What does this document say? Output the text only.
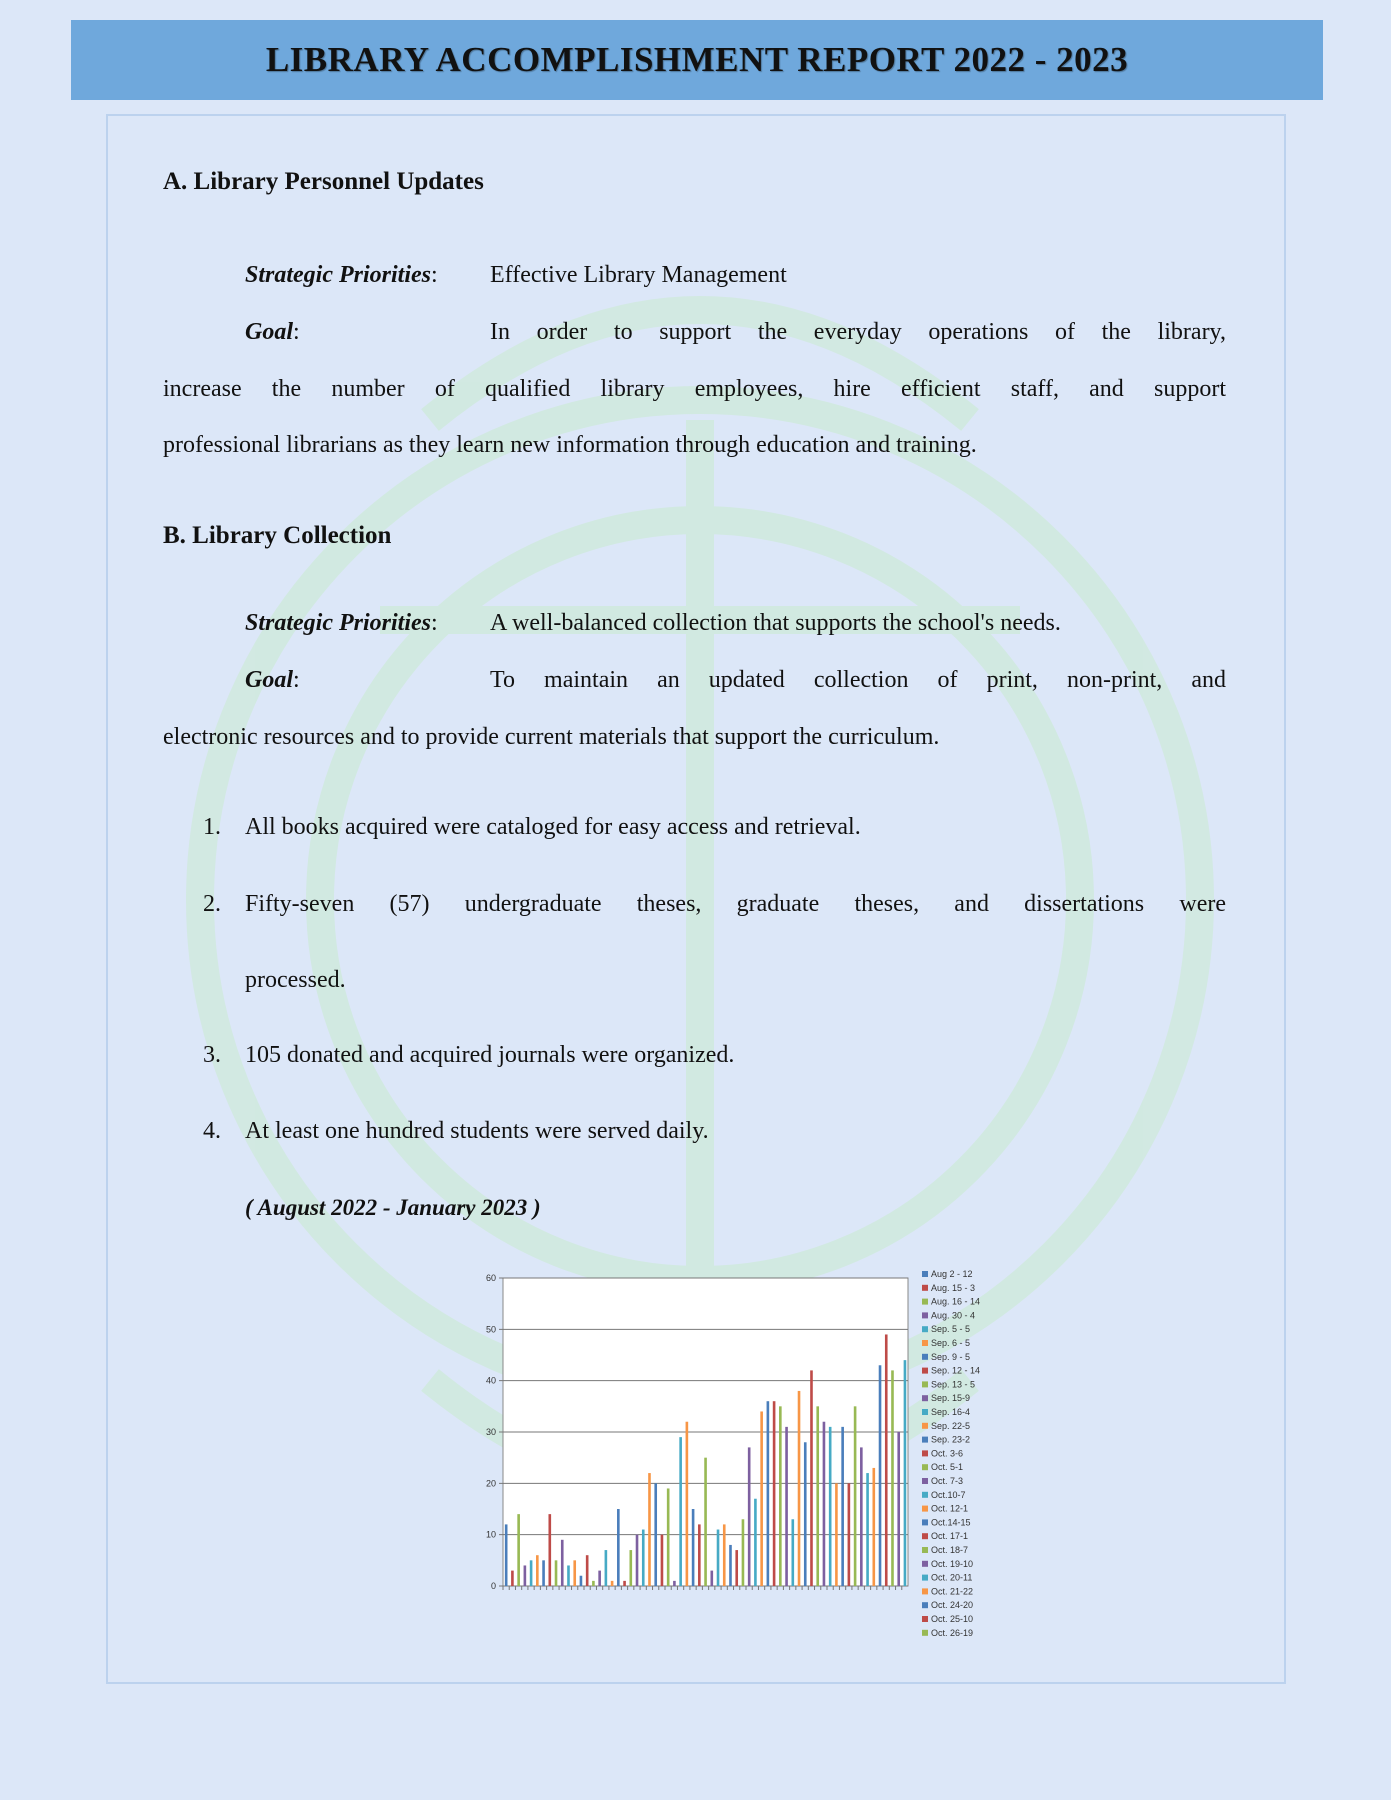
LIBRARY ACCOMPLISHMENT REPORT 2022 - 2023
A. Library Personnel Updates
Strategic Priorities: Effective Library Management
Goal:	In order to support the everyday operations of the library,
increase the number of qualified library employees, hire efficient staff, and support
professional librarians as they learn new information through education and training.
B. Library Collection
Strategic Priorities: A well-balanced collection that supports the school's needs.
Goal:	To maintain an updated collection of print, non-print, and
electronic resources and to provide current materials that support the curriculum.
1. All books acquired were cataloged for easy access and retrieval.
2. Fifty-seven (57) undergraduate theses, graduate theses, and dissertations were
processed.
3. 105 donated and acquired journals were organized.
4. At least one hundred students were served daily.
( August 2022 - January 2023 )
0
10
20
30
40
50
60	Aug 2 - 12
Aug. 15 - 3
Aug. 16 - 14
Aug. 30 - 4
Sep. 5 - 5
Sep. 6 - 5
Sep. 9 - 5
Sep. 12 - 14
Sep. 13 - 5
Sep. 15-9
Sep. 16-4
Sep. 22-5
Sep. 23-2
Oct. 3-6
Oct. 5-1
Oct. 7-3
Oct.10-7
Oct. 12-1
Oct.14-15
Oct. 17-1
Oct. 18-7
Oct. 19-10
Oct. 20-11
Oct. 21-22
Oct. 24-20
Oct. 25-10
Oct. 26-19
